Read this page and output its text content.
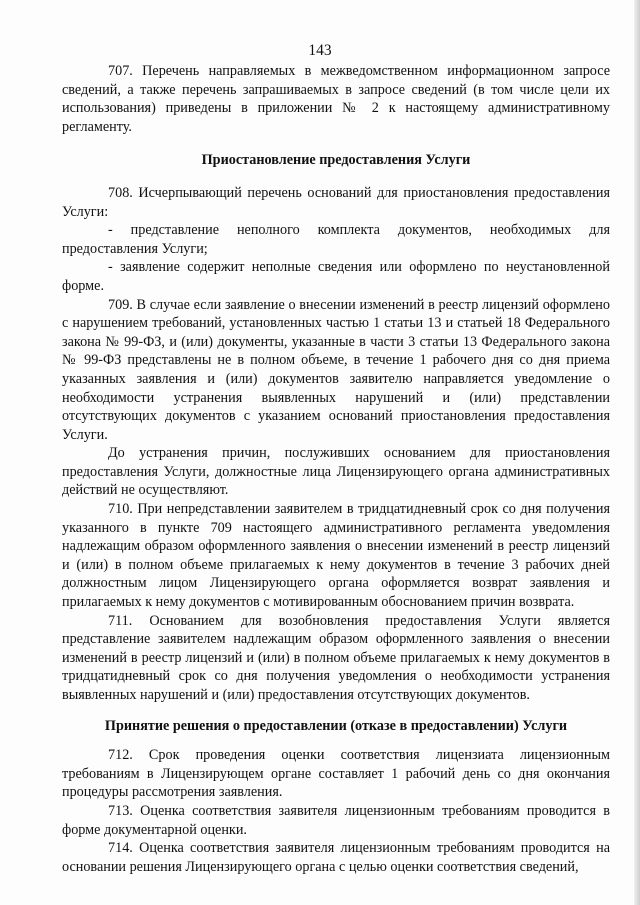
143

707. Перечень направляемых в межведомственном информационном запросе сведений, а также перечень запрашиваемых в запросе сведений (в том числе цели их использования) приведены в приложении № 2 к настоящему административному регламенту.

Приостановление предоставления Услуги

708. Исчерпывающий перечень оснований для приостановления предоставления Услуги:

- представление неполного комплекта документов, необходимых для предоставления Услуги;

- заявление содержит неполные сведения или оформлено по неустановленной форме.

709. В случае если заявление о внесении изменений в реестр лицензий оформлено с нарушением требований, установленных частью 1 статьи 13 и статьей 18 Федерального закона № 99-ФЗ, и (или) документы, указанные в части 3 статьи 13 Федерального закона № 99-ФЗ представлены не в полном объеме, в течение 1 рабочего дня со дня приема указанных заявления и (или) документов заявителю направляется уведомление о необходимости устранения выявленных нарушений и (или) представлении отсутствующих документов с указанием оснований приостановления предоставления Услуги.

До устранения причин, послуживших основанием для приостановления предоставления Услуги, должностные лица Лицензирующего органа административных действий не осуществляют.

710. При непредставлении заявителем в тридцатидневный срок со дня получения указанного в пункте 709 настоящего административного регламента уведомления надлежащим образом оформленного заявления о внесении изменений в реестр лицензий и (или) в полном объеме прилагаемых к нему документов в течение 3 рабочих дней должностным лицом Лицензирующего органа оформляется возврат заявления и прилагаемых к нему документов с мотивированным обоснованием причин возврата.

711. Основанием для возобновления предоставления Услуги является представление заявителем надлежащим образом оформленного заявления о внесении изменений в реестр лицензий и (или) в полном объеме прилагаемых к нему документов в тридцатидневный срок со дня получения уведомления о необходимости устранения выявленных нарушений и (или) предоставления отсутствующих документов.

Принятие решения о предоставлении (отказе в предоставлении) Услуги

712. Срок проведения оценки соответствия лицензиата лицензионным требованиям в Лицензирующем органе составляет 1 рабочий день со дня окончания процедуры рассмотрения заявления.

713. Оценка соответствия заявителя лицензионным требованиям проводится в форме документарной оценки.

714. Оценка соответствия заявителя лицензионным требованиям проводится на основании решения Лицензирующего органа с целью оценки соответствия сведений,
